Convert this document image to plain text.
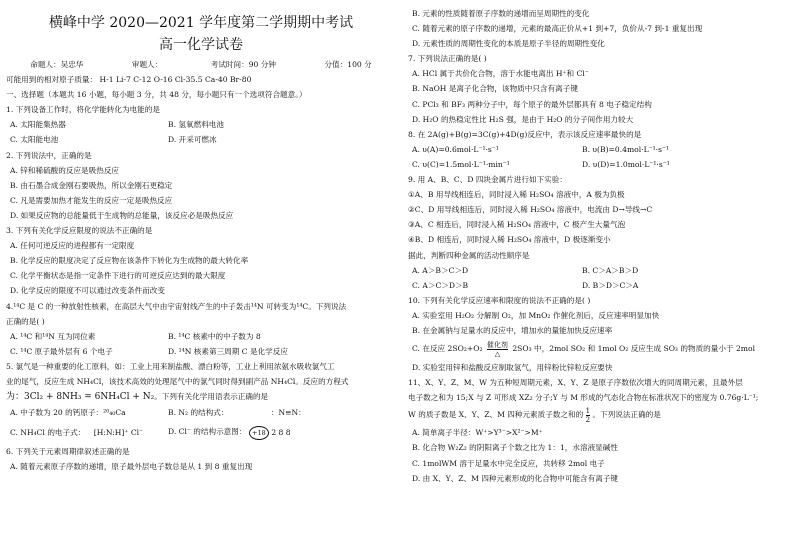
横峰中学 2020—2021 学年度第二学期期中考试
高一化学试卷
命题人：吴忠华	审题人：	考试时间：90 分钟	分值：100 分
可能用到的相对原子质量： H-1 Li-7 C-12 O-16 Cl-35.5 Ca-40 Br-80
一、选择题（本题共 16 小题，每小题 3 分，共 48 分，每小题只有一个选项符合题意。）
1. 下列设备工作时，将化学能转化为电能的是
A. 太阳能集热器	B. 氢氧燃料电池
C. 太阳能电池	D. 开采可燃冰
2. 下列说法中，正确的是
A. 锌和稀硫酸的反应是吸热反应
B. 由石墨合成金刚石要吸热，所以金刚石更稳定
C. 凡是需要加热才能发生的反应一定是吸热反应
D. 如果反应物的总能量低于生成物的总能量，该反应必是吸热反应
3. 下列有关化学反应限度的说法不正确的是
A. 任何可逆反应的进程都有一定限度
B. 化学反应的限度决定了反应物在该条件下转化为生成物的最大转化率
C. 化学平衡状态是指一定条件下进行的可逆反应达到的最大限度
D. 化学反应的限度不可以通过改变条件而改变
4.¹⁴C 是 C 的一种放射性核素，在高层大气中由宇宙射线产生的中子轰击¹⁴N 可转变为¹⁴C。下列说法
正确的是( )
A. ¹⁴C 和¹⁴N 互为同位素	B. ¹⁴C 核素中的中子数为 8
C. ¹⁴C 原子最外层有 6 个电子	D. ¹⁴N 核素第三周期 C 是化学反应
5. 氯气是一种重要的化工原料，如：工业上用来制盐酸、漂白粉等，工业上利用浓氨水吸收氯气工
业的尾气，反应生成 NH₄Cl，该技术高效的处理尾气中的氯气同时得到副产品 NH₄Cl。反应的方程式
为：3Cl₂ + 8NH₃ = 6NH₄Cl + N₂。下列有关化学用语表示正确的是
A. 中子数为 20 的钙原子：²⁰₄₀Ca	B. N₂ 的结构式：	：N≡N：
C. NH₄Cl 的电子式： [H:N:H]⁺ Cl⁻	D. Cl⁻ 的结构示意图： +18 2 8 8
6. 下列关于元素周期律叙述正确的是
A. 随着元素原子序数的递增，原子最外层电子数总是从 1 到 8 重复出现
B. 元素的性质随着原子序数的递增而呈周期性的变化
C. 随着元素的原子序数的递增，元素的最高正价从+1 到+7，负价从-7 到-1 重复出现
D. 元素性质的周期性变化的本质是原子半径的周期性变化
7. 下列说法正确的是( )
A. HCl 属于共价化合物，溶于水能电离出 H⁺和 Cl⁻
B. NaOH 是离子化合物，该物质中只含有离子键
C. PCl₃ 和 BF₃ 两种分子中，每个原子的最外层都具有 8 电子稳定结构
D. H₂O 的热稳定性比 H₂S 强，是由于 H₂O 的分子间作用力较大
8. 在 2A(g)+B(g)=3C(g)+4D(g)反应中，表示该反应速率最快的是
A. υ(A)=0.6mol·L⁻¹·s⁻¹	B. υ(B)=0.4mol·L⁻¹·s⁻¹
C. υ(C)=1.5mol·L⁻¹·min⁻¹	D. υ(D)=1.0mol·L⁻¹·s⁻¹
9. 用 A、B、C、D 四块金属片进行如下实验：
①A、B 用导线相连后，同时浸入稀 H₂SO₄ 溶液中，A 极为负极
②C、D 用导线相连后，同时浸入稀 H₂SO₄ 溶液中，电流由 D→导线→C
③A、C 相连后，同时浸入稀 H₂SO₄ 溶液中，C 极产生大量气泡
④B、D 相连后，同时浸入稀 H₂SO₄ 溶液中，D 极逐渐变小
据此，判断四种金属的活动性顺序是
A. A＞B＞C＞D	B. C＞A＞B＞D
C. A＞C＞D＞B	D. B＞D＞C＞A
10. 下列有关化学反应速率和限度的说法不正确的是( )
A. 实验室用 H₂O₂ 分解制 O₂，加 MnO₂ 作催化剂后，反应速率明显加快
B. 在金属钠与足量水的反应中，增加水的量能加快反应速率
C. 在反应 $2SO_2+O_2 \frac{\text{催化剂}}{\triangle} 2SO_3$ 中，2mol SO₂ 和 1mol O₂ 反应生成 SO₃ 的物质的量小于 2mol
D. 实验室用锌和盐酸反应制取氢气，用锌粉比锌粒反应要快
11、X、Y、Z、M、W 为五种短周期元素，X、Y、Z 是原子序数依次增大的同周期元素，且最外层
电子数之和为 15;X 与 Z 可形成 XZ₂ 分子;Y 与 M 形成的气态化合物在标准状况下的密度为 0.76g·L⁻¹;
W 的质子数是 X、Y、Z、M 四种元素质子数之和的 $\frac{1}{2}$ 。下列说法正确的是
A. 简单离子半径：W⁺>Y³⁻>X²⁻>M⁺
B. 化合物 W₂Z₂ 的阴阳离子个数之比为 1：1，水溶液显碱性
C. 1molWM 溶于足量水中完全反应，共转移 2mol 电子
D. 由 X、Y、Z、M 四种元素形成的化合物中可能含有离子键
